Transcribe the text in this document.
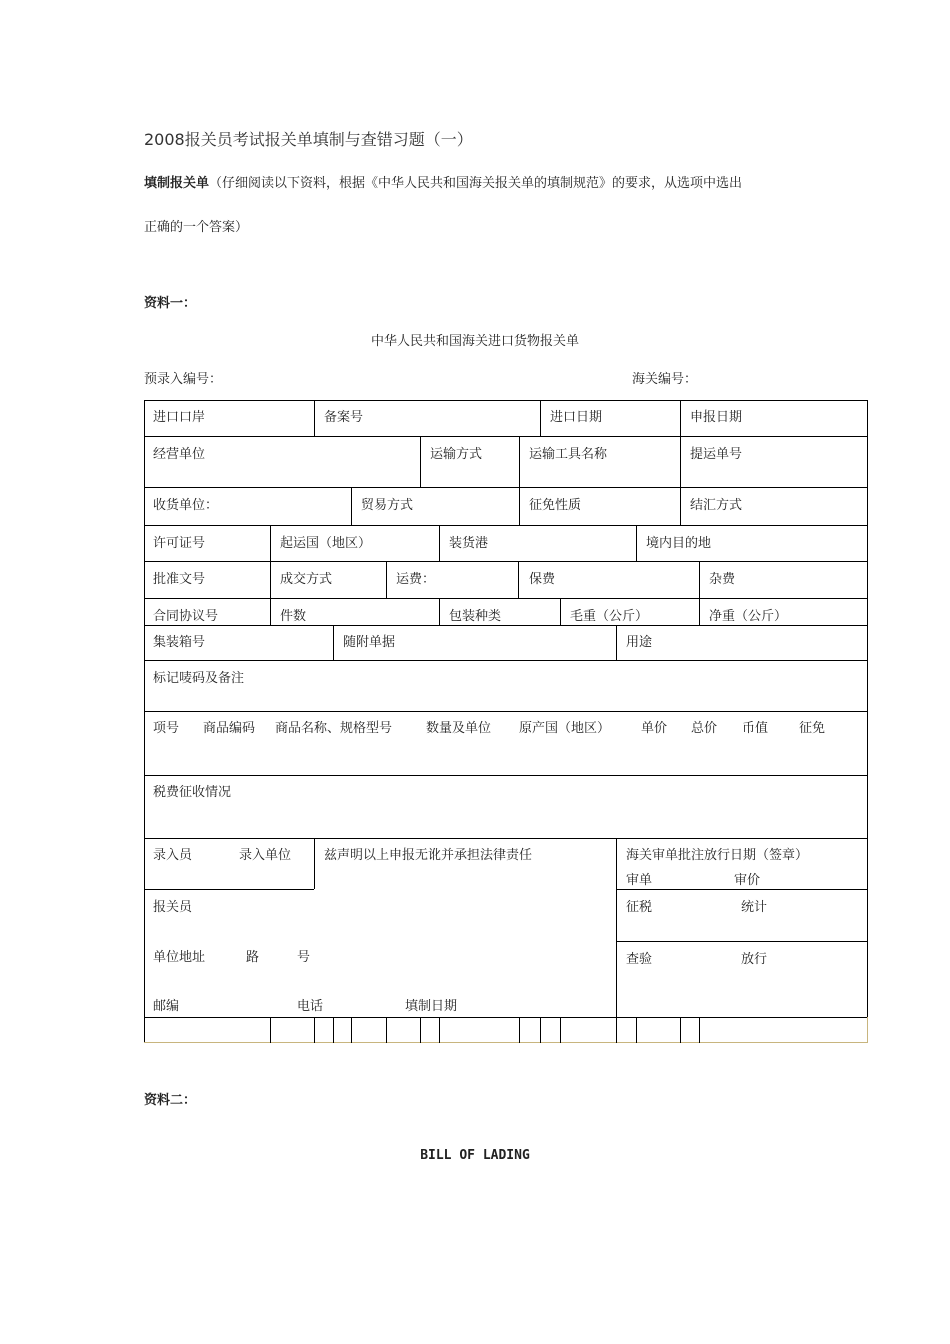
2008报关员考试报关单填制与查错习题（一）
填制报关单（仔细阅读以下资料，根据《中华人民共和国海关报关单的填制规范》的要求，从选项中选出
正确的一个答案）
资料一：
中华人民共和国海关进口货物报关单
预录入编号：	海关编号：
进口口岸	备案号	进口日期	申报日期
经营单位	运输方式	运输工具名称	提运单号
收货单位：	贸易方式	征免性质	结汇方式
许可证号	起运国（地区）	装货港	境内目的地
批准文号	成交方式	运费：	保费	杂费
合同协议号	件数	包装种类	毛重（公斤）	净重（公斤）
集装箱号	随附单据	用途
标记唛码及备注
项号 商品编码 商品名称、规格型号	数量及单位 原产国（地区） 单价 总价 币值 征免
税费征收情况
录入员	录入单位	兹声明以上申报无讹并承担法律责任	海关审单批注放行日期（签章）
审单	审价
报关员	征税	统计
单位地址	路	号	查验	放行
邮编	电话	填制日期
资料二：
BILL OF LADING
